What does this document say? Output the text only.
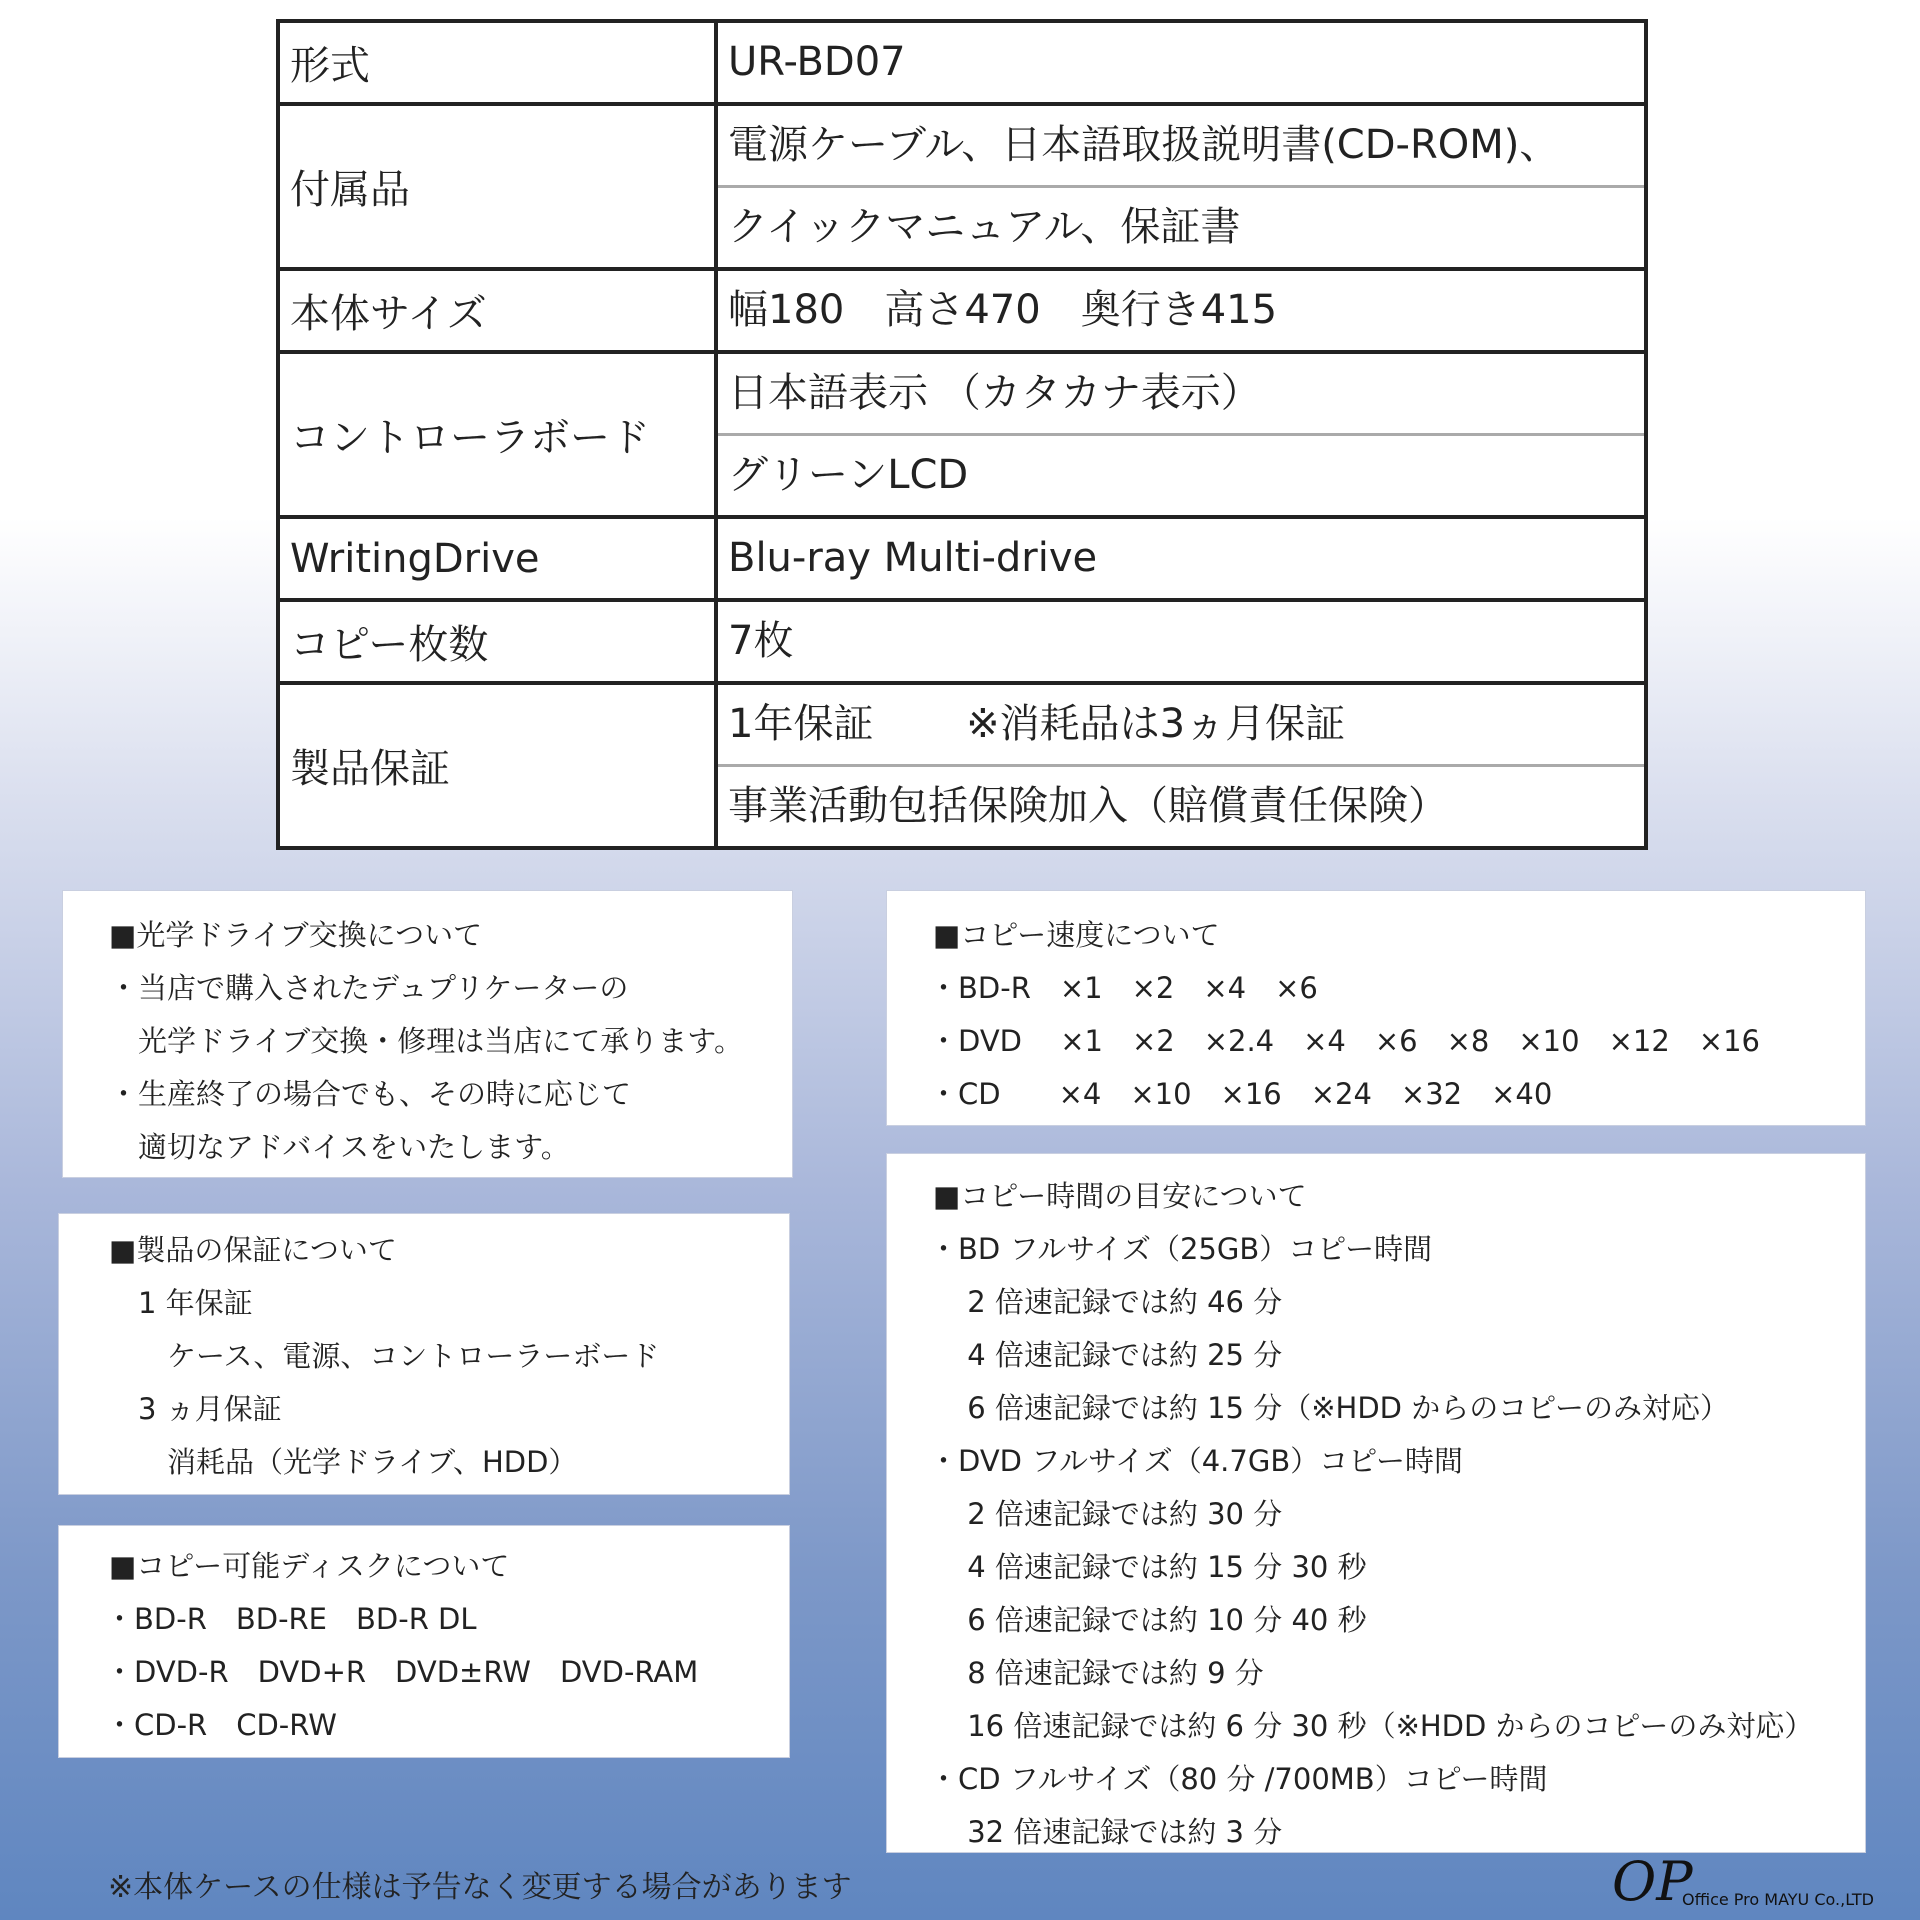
形式	UR-BD07

付属品	電源ケーブル、日本語取扱説明書(CD-ROM)、
クイックマニュアル、保証書

本体サイズ	幅180　高さ470　奥行き415

コントローラボード	日本語表示 （カタカナ表示）
グリーンLCD

WritingDrive	Blu-ray Multi-drive

コピー枚数	7枚

製品保証	1年保証　　 ※消耗品は3ヵ月保証
事業活動包括保険加入（賠償責任保険）
■光学ドライブ交換について
・当店で購入されたデュプリケーターの
　光学ドライブ交換・修理は当店にて承ります。
・生産終了の場合でも、その時に応じて
　適切なアドバイスをいたします。
■製品の保証について
　1 年保証
　　ケース、電源、コントローラーボード
　3 ヵ月保証
　　消耗品（光学ドライブ、HDD）
■コピー可能ディスクについて
・BD-R　BD-RE　BD-R DL
・DVD-R　DVD+R　DVD±RW　DVD-RAM
・CD-R　CD-RW
■コピー速度について
・BD-R　×1　×2　×4　×6
・DVD　 ×1　×2　×2.4　×4　×6　×8　×10　×12　×16
・CD　　×4　×10　×16　×24　×32　×40
■コピー時間の目安について
・BD フルサイズ（25GB）コピー時間
　 2 倍速記録では約 46 分
　 4 倍速記録では約 25 分
　 6 倍速記録では約 15 分（※HDD からのコピーのみ対応）
・DVD フルサイズ（4.7GB）コピー時間
　 2 倍速記録では約 30 分
　 4 倍速記録では約 15 分 30 秒
　 6 倍速記録では約 10 分 40 秒
　 8 倍速記録では約 9 分
　 16 倍速記録では約 6 分 30 秒（※HDD からのコピーのみ対応）
・CD フルサイズ（80 分 /700MB）コピー時間
　 32 倍速記録では約 3 分
※本体ケースの仕様は予告なく変更する場合があります	OP
Office Pro MAYU Co.,LTD
